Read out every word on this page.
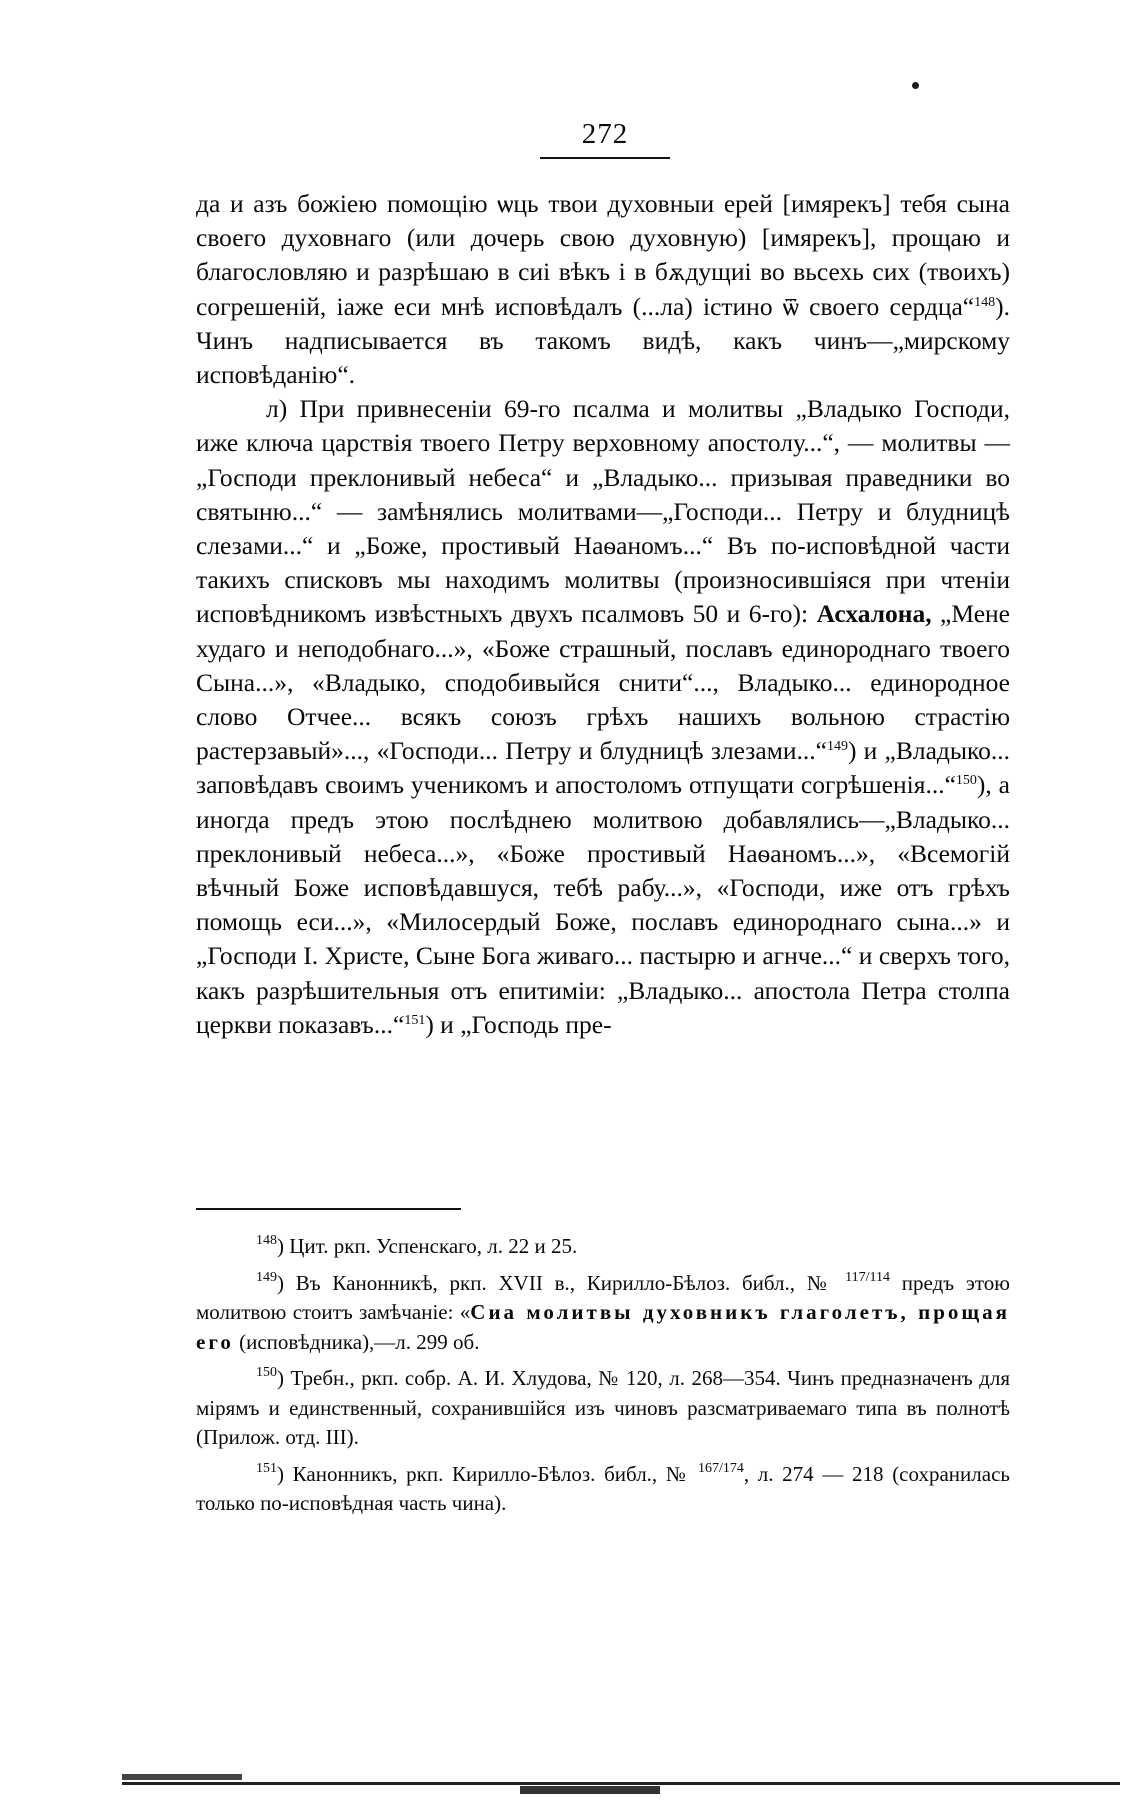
272

да и азъ божiею помощiю ѡць твои духовныи ерей [имярекъ] тебя сына своего духовнаго (или дочерь свою духовную) [имярекъ], прощаю и благословляю и разрѣшаю в сиі вѣкъ і в бѫдущиі во вьсехь сих (твоихъ) согрешенiй, іаже еси мнѣ исповѣдалъ (...ла) істино ѿ своего сердца“$^{148}$). Чинъ надписывается въ такомъ видѣ, какъ чинъ—„мирскому исповѣданiю“.

л) При привнесенiи 69-го псалма и молитвы „Владыко Господи, иже ключа царствiя твоего Петру верховному апостолу...“, — молитвы — „Господи преклонивый небеса“ и „Владыко... призывая праведники во святыню...“ — замѣнялись молитвами—„Господи... Петру и блудницѣ слезами...“ и „Боже, простивый Наѳаномъ...“ Въ по-исповѣдной части такихъ списковъ мы находимъ молитвы (произносившiяся при чтенiи исповѣдникомъ извѣстныхъ двухъ псалмовъ 50 и 6-го): Асхалона, „Мене худаго и неподобнаго...», «Боже страшный, пославъ единороднаго твоего Сына...», «Владыко, сподобивыйся снити“..., Владыко... единородное слово Отчее... всякъ союзъ грѣхъ нашихъ вольною страстiю растерзавый»..., «Господи... Петру и блудницѣ злезами...“$^{149}$) и „Владыко... заповѣдавъ своимъ ученикомъ и апостоломъ отпущати согрѣшенiя...“$^{150}$), а иногда предъ этою послѣднею молитвою добавлялись—„Владыко... преклонивый небеса...», «Боже простивый Наѳаномъ...», «Всемогiй вѣчный Боже исповѣдавшуся, тебѣ рабу...», «Господи, иже отъ грѣхъ помощь еси...», «Милосердый Боже, пославъ единороднаго сына...» и „Господи І. Христе, Сыне Бога живаго... пастырю и агнче...“ и сверхъ того, какъ разрѣшительныя отъ епитимiи: „Владыко... апостола Петра столпа церкви показавъ...“$^{151}$) и „Господь пре-

$^{148}$) Цит. ркп. Успенскаго, л. 22 и 25.

$^{149}$) Въ Канонникѣ, ркп. XVII в., Кирилло-Бѣлоз. библ., № $^{117/114}$ предъ этою молитвою стоитъ замѣчанiе: «Сиа молитвы духовникъ глаголетъ, прощая его (исповѣдника),—л. 299 об.

$^{150}$) Требн., ркп. собр. А. И. Хлудова, № 120, л. 268—354. Чинъ предназначенъ для мiрямъ и единственный, сохранившiйся изъ чиновъ разсматриваемаго типа въ полнотѣ (Прилож. отд. III).

$^{151}$) Канонникъ, ркп. Кирилло-Бѣлоз. библ., № $^{167/174}$, л. 274 — 218 (сохранилась только по-исповѣдная часть чина).
